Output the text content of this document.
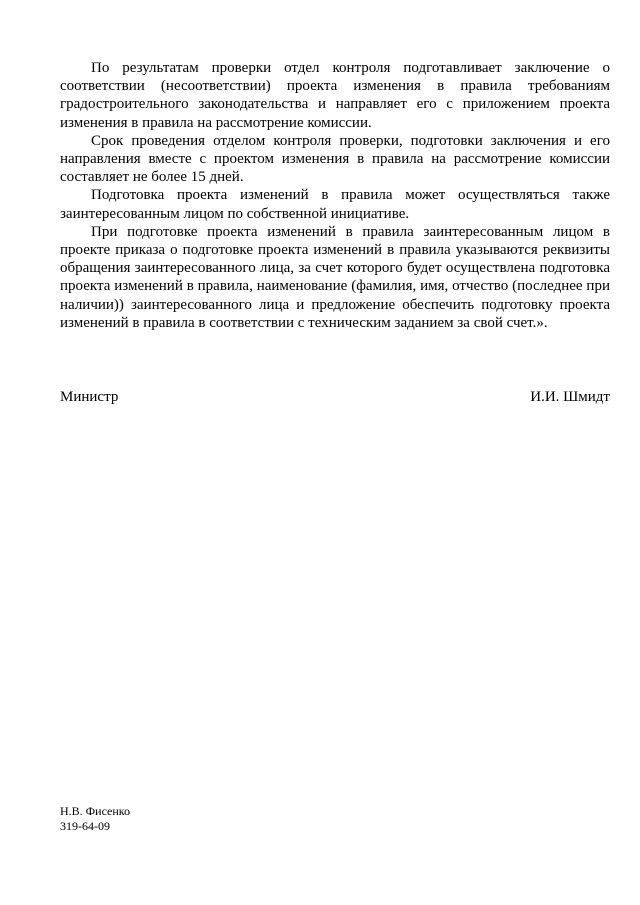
По результатам проверки отдел контроля подготавливает заключение о соответствии (несоответствии) проекта изменения в правила требованиям градостроительного законодательства и направляет его с приложением проекта изменения в правила на рассмотрение комиссии.

Срок проведения отделом контроля проверки, подготовки заключения и его направления вместе с проектом изменения в правила на рассмотрение комиссии составляет не более 15 дней.

Подготовка проекта изменений в правила может осуществляться также заинтересованным лицом по собственной инициативе.

При подготовке проекта изменений в правила заинтересованным лицом в проекте приказа о подготовке проекта изменений в правила указываются реквизиты обращения заинтересованного лица, за счет которого будет осуществлена подготовка проекта изменений в правила, наименование (фамилия, имя, отчество (последнее при наличии)) заинтересованного лица и предложение обеспечить подготовку проекта изменений в правила в соответствии с техническим заданием за свой счет.».

Министр	И.И. Шмидт
Н.В. Фисенко
319-64-09
